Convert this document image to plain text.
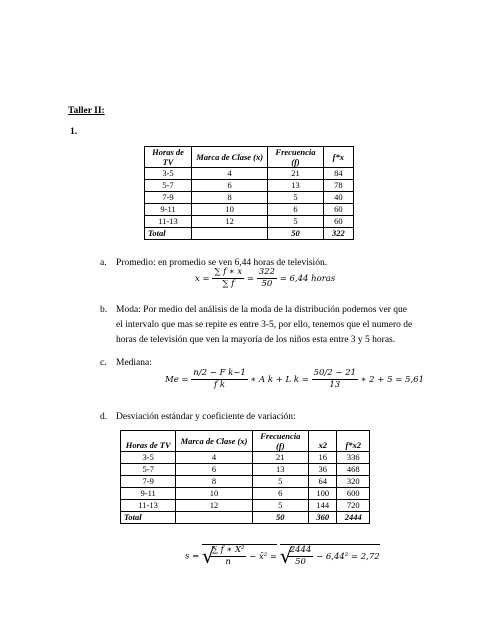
Taller II:
1.
Horas de TV	Marca de Clase (x)	Frecuencia (f)	f*x
3-5	4	21	84
5-7	6	13	78
7-9	8	5	40
9-11	10	6	60
11-13	12	5	60
Total		50	322
a. Promedio: en promedio se ven 6,44 horas de televisión.
$x = \frac{\sum f ∗ x}{\sum f} = \frac{322}{50} = 6,44$ horas
b. Moda: Por medio del análisis de la moda de la distribución podemos ver que
el intervalo que mas se repite es entre 3-5, por ello, tenemos que el numero de
horas de televisión que ven la mayoría de los niños esta entre 3 y 5 horas.
c. Mediana:
$Me = \frac{\text{n/2 − F k−1}}{\text{f k}}$ ∗ A k + L $k = \frac{50/2 - 21}{13}$ ∗ 2 + 5 = 5,61
d. Desviación estándar y coeficiente de variación:
Horas de TV	Marca de Clase (x)	Frecuencia (f)	x2	f*x2
3-5	4	21	16	336
5-7	6	13	36	468
7-9	8	5	64	320
9-11	10	6	100	600
11-13	12	5	144	720
Total		50	360	2444
s = √
$\frac{\text{∑ f ∗ X²}}{n}$ − x̄² = √
$\frac{2444}{50} - 6,44^2 = 2,72$
